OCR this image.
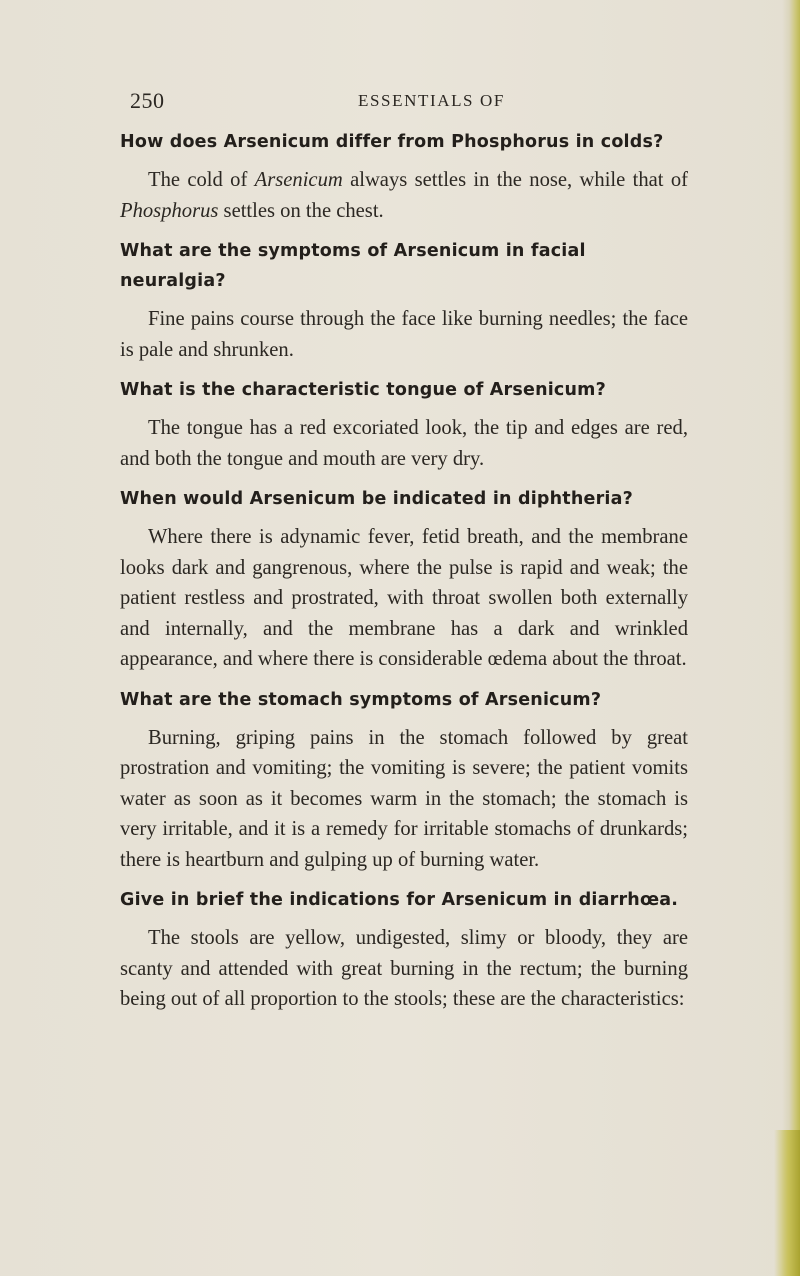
250	ESSENTIALS OF

How does Arsenicum differ from Phosphorus in colds?

The cold of Arsenicum always settles in the nose, while that of Phosphorus settles on the chest.

What are the symptoms of Arsenicum in facial neuralgia?

Fine pains course through the face like burning needles; the face is pale and shrunken.

What is the characteristic tongue of Arsenicum?

The tongue has a red excoriated look, the tip and edges are red, and both the tongue and mouth are very dry.

When would Arsenicum be indicated in diphtheria?

Where there is adynamic fever, fetid breath, and the membrane looks dark and gangrenous, where the pulse is rapid and weak; the patient restless and prostrated, with throat swollen both externally and internally, and the membrane has a dark and wrinkled appearance, and where there is considerable œdema about the throat.

What are the stomach symptoms of Arsenicum?

Burning, griping pains in the stomach followed by great prostration and vomiting; the vomiting is severe; the patient vomits water as soon as it becomes warm in the stomach; the stomach is very irritable, and it is a remedy for irritable stomachs of drunkards; there is heartburn and gulping up of burning water.

Give in brief the indications for Arsenicum in diarrhœa.

The stools are yellow, undigested, slimy or bloody, they are scanty and attended with great burning in the rectum; the burning being out of all proportion to the stools; these are the characteristics:
